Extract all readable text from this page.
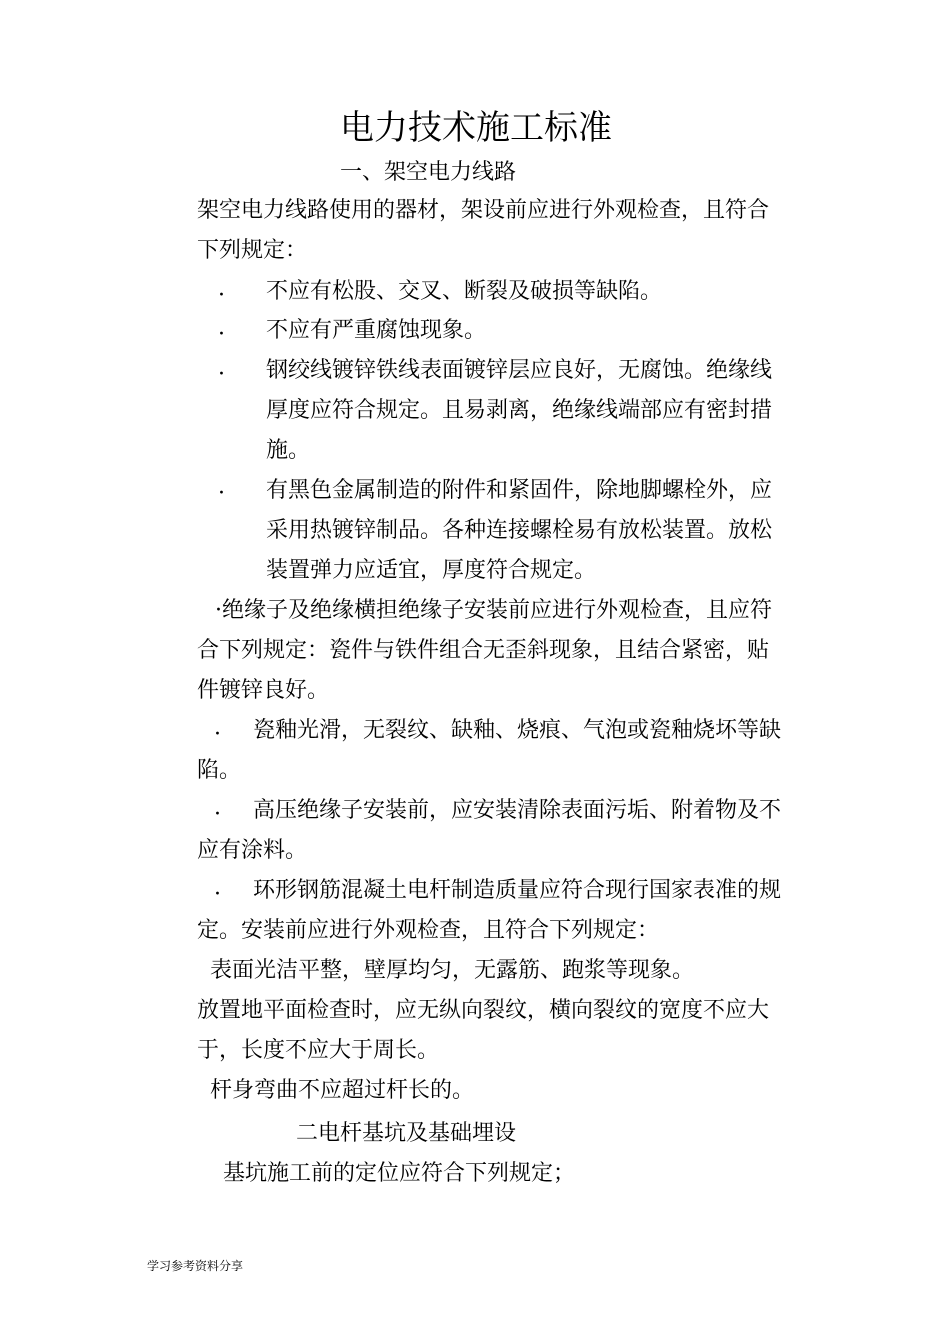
电力技术施工标准
一、架空电力线路
架空电力线路使用的器材，架设前应进行外观检查，且符合
下列规定：
· 不应有松股、交叉、断裂及破损等缺陷。
· 不应有严重腐蚀现象。
· 钢绞线镀锌铁线表面镀锌层应良好，无腐蚀。绝缘线
厚度应符合规定。且易剥离，绝缘线端部应有密封措
施。
· 有黑色金属制造的附件和紧固件，除地脚螺栓外，应
采用热镀锌制品。各种连接螺栓易有放松装置。放松
装置弹力应适宜，厚度符合规定。
·绝缘子及绝缘横担绝缘子安装前应进行外观检查，且应符
合下列规定：瓷件与铁件组合无歪斜现象，且结合紧密，贴
件镀锌良好。
·	瓷釉光滑，无裂纹、缺釉、烧痕、气泡或瓷釉烧坏等缺
陷。
·	高压绝缘子安装前，应安装清除表面污垢、附着物及不
应有涂料。
·	环形钢筋混凝土电杆制造质量应符合现行国家表准的规
定。安装前应进行外观检查，且符合下列规定：
表面光洁平整，壁厚均匀，无露筋、跑浆等现象。
放置地平面检查时，应无纵向裂纹，横向裂纹的宽度不应大
于，长度不应大于周长。
杆身弯曲不应超过杆长的。
二电杆基坑及基础埋设
基坑施工前的定位应符合下列规定；
学习参考资料分享
